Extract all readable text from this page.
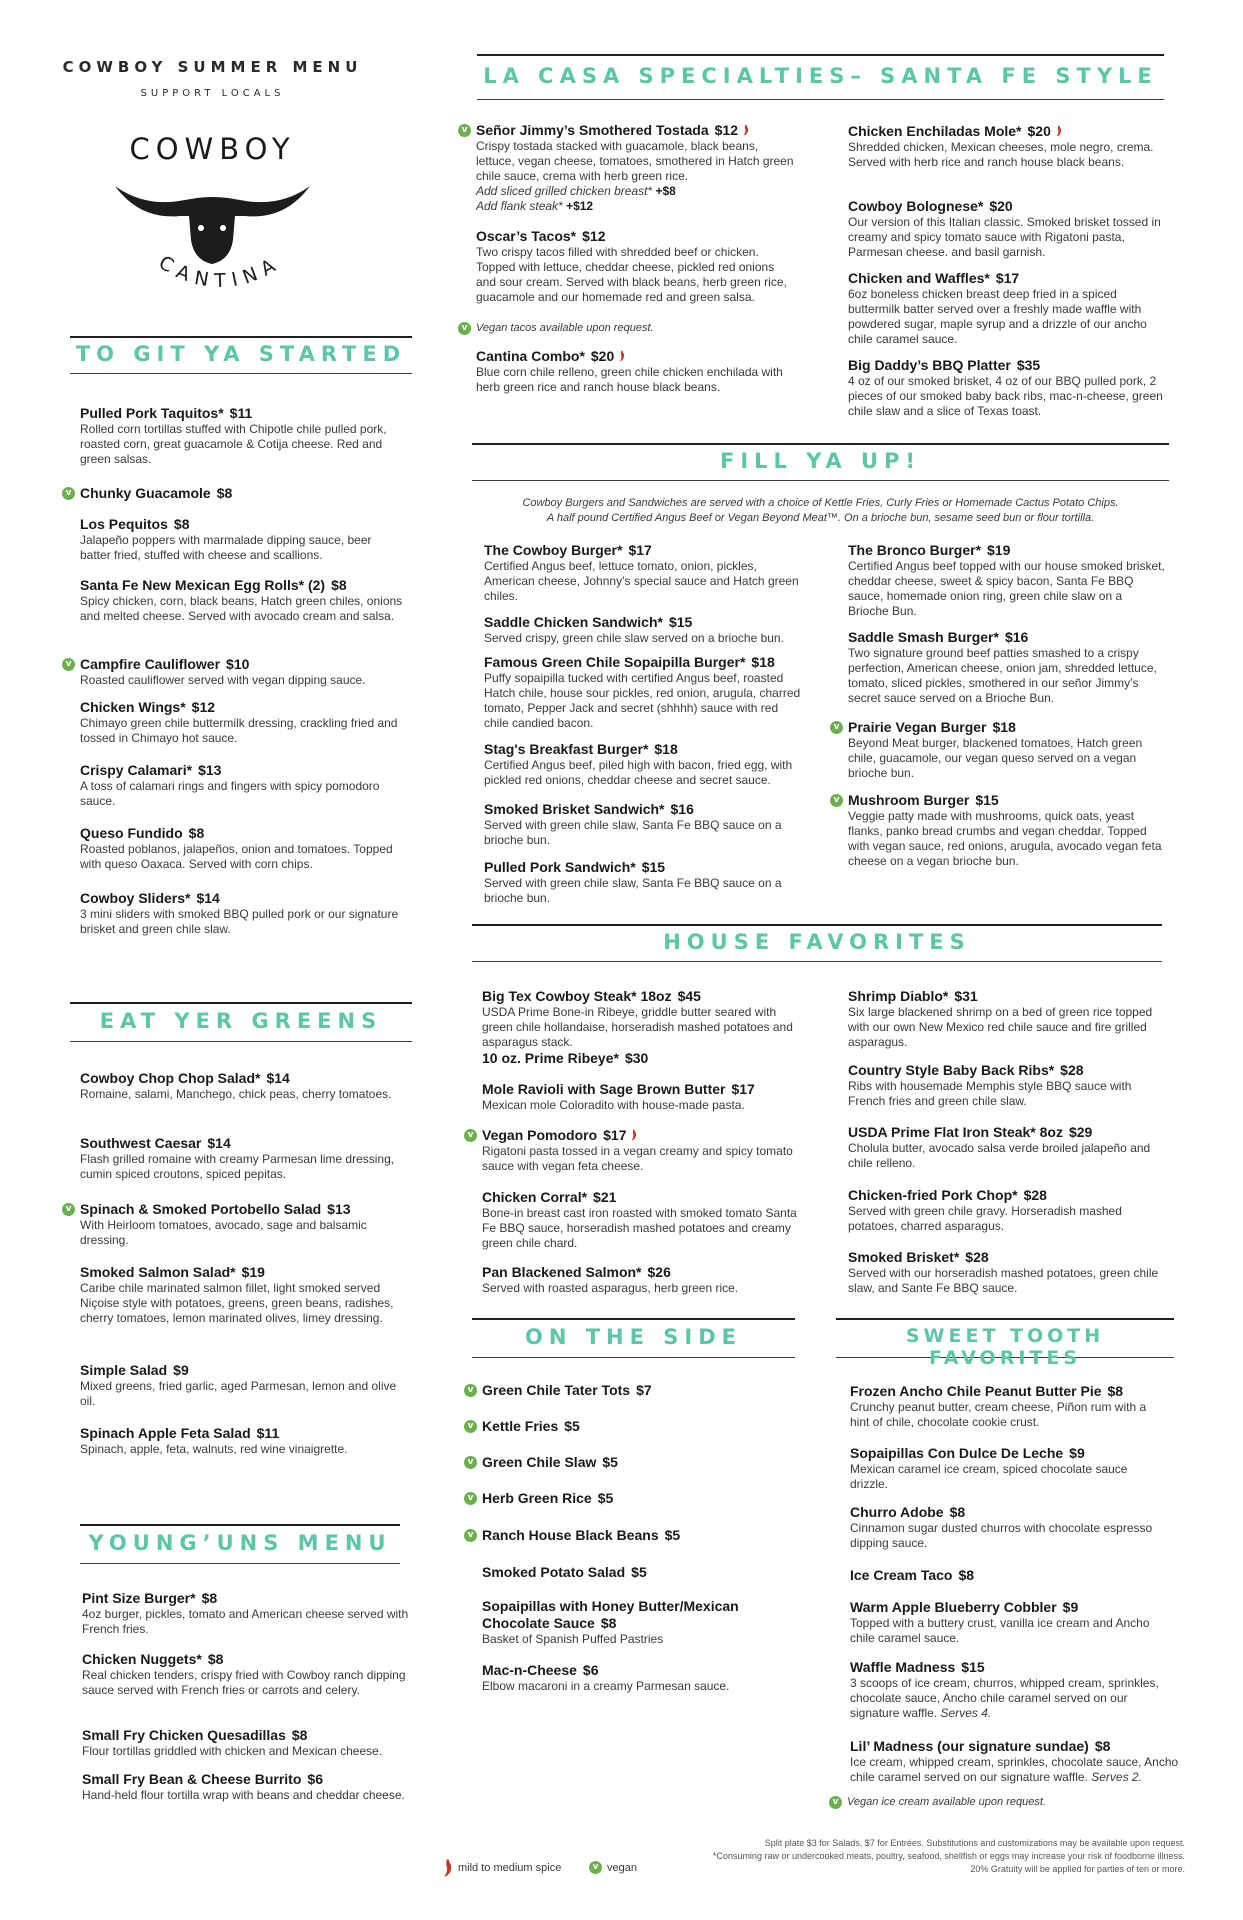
COWBOY SUMMER MENU
SUPPORT LOCALS
COWBOY
CANTINA
TO GIT YA STARTED
Pulled Pork Taquitos* $11
Rolled corn tortillas stuffed with Chipotle chile pulled pork, roasted corn, great guacamole & Cotija cheese. Red and green salsas.
Chunky Guacamole $8
v
Los Pequitos $8
Jalapeño poppers with marmalade dipping sauce, beer batter fried, stuffed with cheese and scallions.
Santa Fe New Mexican Egg Rolls* (2) $8
Spicy chicken, corn, black beans, Hatch green chiles, onions and melted cheese. Served with avocado cream and salsa.
Campfire Cauliflower $10
Roasted cauliflower served with vegan dipping sauce.
v
Chicken Wings* $12
Chimayo green chile buttermilk dressing, crackling fried and tossed in Chimayo hot sauce.
Crispy Calamari* $13
A toss of calamari rings and fingers with spicy pomodoro sauce.
Queso Fundido $8
Roasted poblanos, jalapeños, onion and tomatoes. Topped with queso Oaxaca. Served with corn chips.
Cowboy Sliders* $14
3 mini sliders with smoked BBQ pulled pork or our signature brisket and green chile slaw.
EAT YER GREENS
Cowboy Chop Chop Salad* $14
Romaine, salami, Manchego, chick peas, cherry tomatoes.
Southwest Caesar $14
Flash grilled romaine with creamy Parmesan lime dressing, cumin spiced croutons, spiced pepitas.
Spinach & Smoked Portobello Salad $13
With Heirloom tomatoes, avocado, sage and balsamic dressing.
v
Smoked Salmon Salad* $19
Caribe chile marinated salmon fillet, light smoked served Niçoise style with potatoes, greens, green beans, radishes, cherry tomatoes, lemon marinated olives, limey dressing.
Simple Salad $9
Mixed greens, fried garlic, aged Parmesan, lemon and olive oil.
Spinach Apple Feta Salad $11
Spinach, apple, feta, walnuts, red wine vinaigrette.
YOUNG’UNS MENU
Pint Size Burger* $8
4oz burger, pickles, tomato and American cheese served with French fries.
Chicken Nuggets* $8
Real chicken tenders, crispy fried with Cowboy ranch dipping sauce served with French fries or carrots and celery.
Small Fry Chicken Quesadillas $8
Flour tortillas griddled with chicken and Mexican cheese.
Small Fry Bean & Cheese Burrito $6
Hand-held flour tortilla wrap with beans and cheddar cheese.
LA CASA SPECIALTIES– SANTA FE STYLE
Señor Jimmy’s Smothered Tostada $12
Crispy tostada stacked with guacamole, black beans, lettuce, vegan cheese, tomatoes, smothered in Hatch green chile sauce, crema with herb green rice.
Add sliced grilled chicken breast* +$8
Add flank steak* +$12
v
Oscar’s Tacos* $12
Two crispy tacos filled with shredded beef or chicken. Topped with lettuce, cheddar cheese, pickled red onions and sour cream. Served with black beans, herb green rice, guacamole and our homemade red and green salsa.
Vegan tacos available upon request.
v
Cantina Combo* $20
Blue corn chile relleno, green chile chicken enchilada with herb green rice and ranch house black beans.
Chicken Enchiladas Mole* $20
Shredded chicken, Mexican cheeses, mole negro, crema. Served with herb rice and ranch house black beans.
Cowboy Bolognese* $20
Our version of this Italian classic. Smoked brisket tossed in creamy and spicy tomato sauce with Rigatoni pasta, Parmesan cheese. and basil garnish.
Chicken and Waffles* $17
6oz boneless chicken breast deep fried in a spiced buttermilk batter served over a freshly made waffle with powdered sugar, maple syrup and a drizzle of our ancho chile caramel sauce.
Big Daddy’s BBQ Platter $35
4 oz of our smoked brisket, 4 oz of our BBQ pulled pork, 2 pieces of our smoked baby back ribs, mac-n-cheese, green chile slaw and a slice of Texas toast.
FILL YA UP!
Cowboy Burgers and Sandwiches are served with a choice of Kettle Fries, Curly Fries or Homemade Cactus Potato Chips.
A half pound Certified Angus Beef or Vegan Beyond Meat™. On a brioche bun, sesame seed bun or flour tortilla.
The Cowboy Burger* $17
Certified Angus beef, lettuce tomato, onion, pickles, American cheese, Johnny’s special sauce and Hatch green chiles.
Saddle Chicken Sandwich* $15
Served crispy, green chile slaw served on a brioche bun.
Famous Green Chile Sopaipilla Burger* $18
Puffy sopaipilla tucked with certified Angus beef, roasted Hatch chile, house sour pickles, red onion, arugula, charred tomato, Pepper Jack and secret (shhhh) sauce with red chile candied bacon.
Stag's Breakfast Burger* $18
Certified Angus beef, piled high with bacon, fried egg, with pickled red onions, cheddar cheese and secret sauce.
Smoked Brisket Sandwich* $16
Served with green chile slaw, Santa Fe BBQ sauce on a brioche bun.
Pulled Pork Sandwich* $15
Served with green chile slaw, Santa Fe BBQ sauce on a brioche bun.
The Bronco Burger* $19
Certified Angus beef topped with our house smoked brisket, cheddar cheese, sweet & spicy bacon, Santa Fe BBQ sauce, homemade onion ring, green chile slaw on a Brioche Bun.
Saddle Smash Burger* $16
Two signature ground beef patties smashed to a crispy perfection, American cheese, onion jam, shredded lettuce, tomato, sliced pickles, smothered in our señor Jimmy’s secret sauce served on a Brioche Bun.
Prairie Vegan Burger $18
Beyond Meat burger, blackened tomatoes, Hatch green chile, guacamole, our vegan queso served on a vegan brioche bun.
v
Mushroom Burger $15
Veggie patty made with mushrooms, quick oats, yeast flanks, panko bread crumbs and vegan cheddar. Topped with vegan sauce, red onions, arugula, avocado vegan feta cheese on a vegan brioche bun.
v
HOUSE FAVORITES
Big Tex Cowboy Steak* 18oz $45
USDA Prime Bone-in Ribeye, griddle butter seared with green chile hollandaise, horseradish mashed potatoes and asparagus stack.
10 oz. Prime Ribeye* $30
Mole Ravioli with Sage Brown Butter $17
Mexican mole Coloradito with house-made pasta.
Vegan Pomodoro $17
Rigatoni pasta tossed in a vegan creamy and spicy tomato sauce with vegan feta cheese.
v
Chicken Corral* $21
Bone-in breast cast iron roasted with smoked tomato Santa Fe BBQ sauce, horseradish mashed potatoes and creamy green chile chard.
Pan Blackened Salmon* $26
Served with roasted asparagus, herb green rice.
Shrimp Diablo* $31
Six large blackened shrimp on a bed of green rice topped with our own New Mexico red chile sauce and fire grilled asparagus.
Country Style Baby Back Ribs* $28
Ribs with housemade Memphis style BBQ sauce with French fries and green chile slaw.
USDA Prime Flat Iron Steak* 8oz $29
Cholula butter, avocado salsa verde broiled jalapeño and chile relleno.
Chicken-fried Pork Chop* $28
Served with green chile gravy. Horseradish mashed potatoes, charred asparagus.
Smoked Brisket* $28
Served with our horseradish mashed potatoes, green chile slaw, and Sante Fe BBQ sauce.
ON THE SIDE
Green Chile Tater Tots $7
v
Kettle Fries $5
v
Green Chile Slaw $5
v
Herb Green Rice $5
v
Ranch House Black Beans $5
v
Smoked Potato Salad $5
Sopaipillas with Honey Butter/Mexican Chocolate Sauce $8
Basket of Spanish Puffed Pastries
Mac-n-Cheese $6
Elbow macaroni in a creamy Parmesan sauce.
SWEET TOOTH FAVORITES
Frozen Ancho Chile Peanut Butter Pie $8
Crunchy peanut butter, cream cheese, Piñon rum with a hint of chile, chocolate cookie crust.
Sopaipillas Con Dulce De Leche $9
Mexican caramel ice cream, spiced chocolate sauce drizzle.
Churro Adobe $8
Cinnamon sugar dusted churros with chocolate espresso dipping sauce.
Ice Cream Taco $8
Warm Apple Blueberry Cobbler $9
Topped with a buttery crust, vanilla ice cream and Ancho chile caramel sauce.
Waffle Madness $15
3 scoops of ice cream, churros, whipped cream, sprinkles, chocolate sauce, Ancho chile caramel served on our signature waffle. Serves 4.
Lil’ Madness (our signature sundae) $8
Ice cream, whipped cream, sprinkles, chocolate sauce, Ancho chile caramel served on our signature waffle. Serves 2.
v Vegan ice cream available upon request.
mild to medium spice	v vegan
Split plate $3 for Salads, $7 for Entrées. Substitutions and customizations may be available upon request.
*Consuming raw or undercooked meats, poultry, seafood, shellfish or eggs may increase your risk of foodborne illness.
20% Gratuity will be applied for parties of ten or more.
